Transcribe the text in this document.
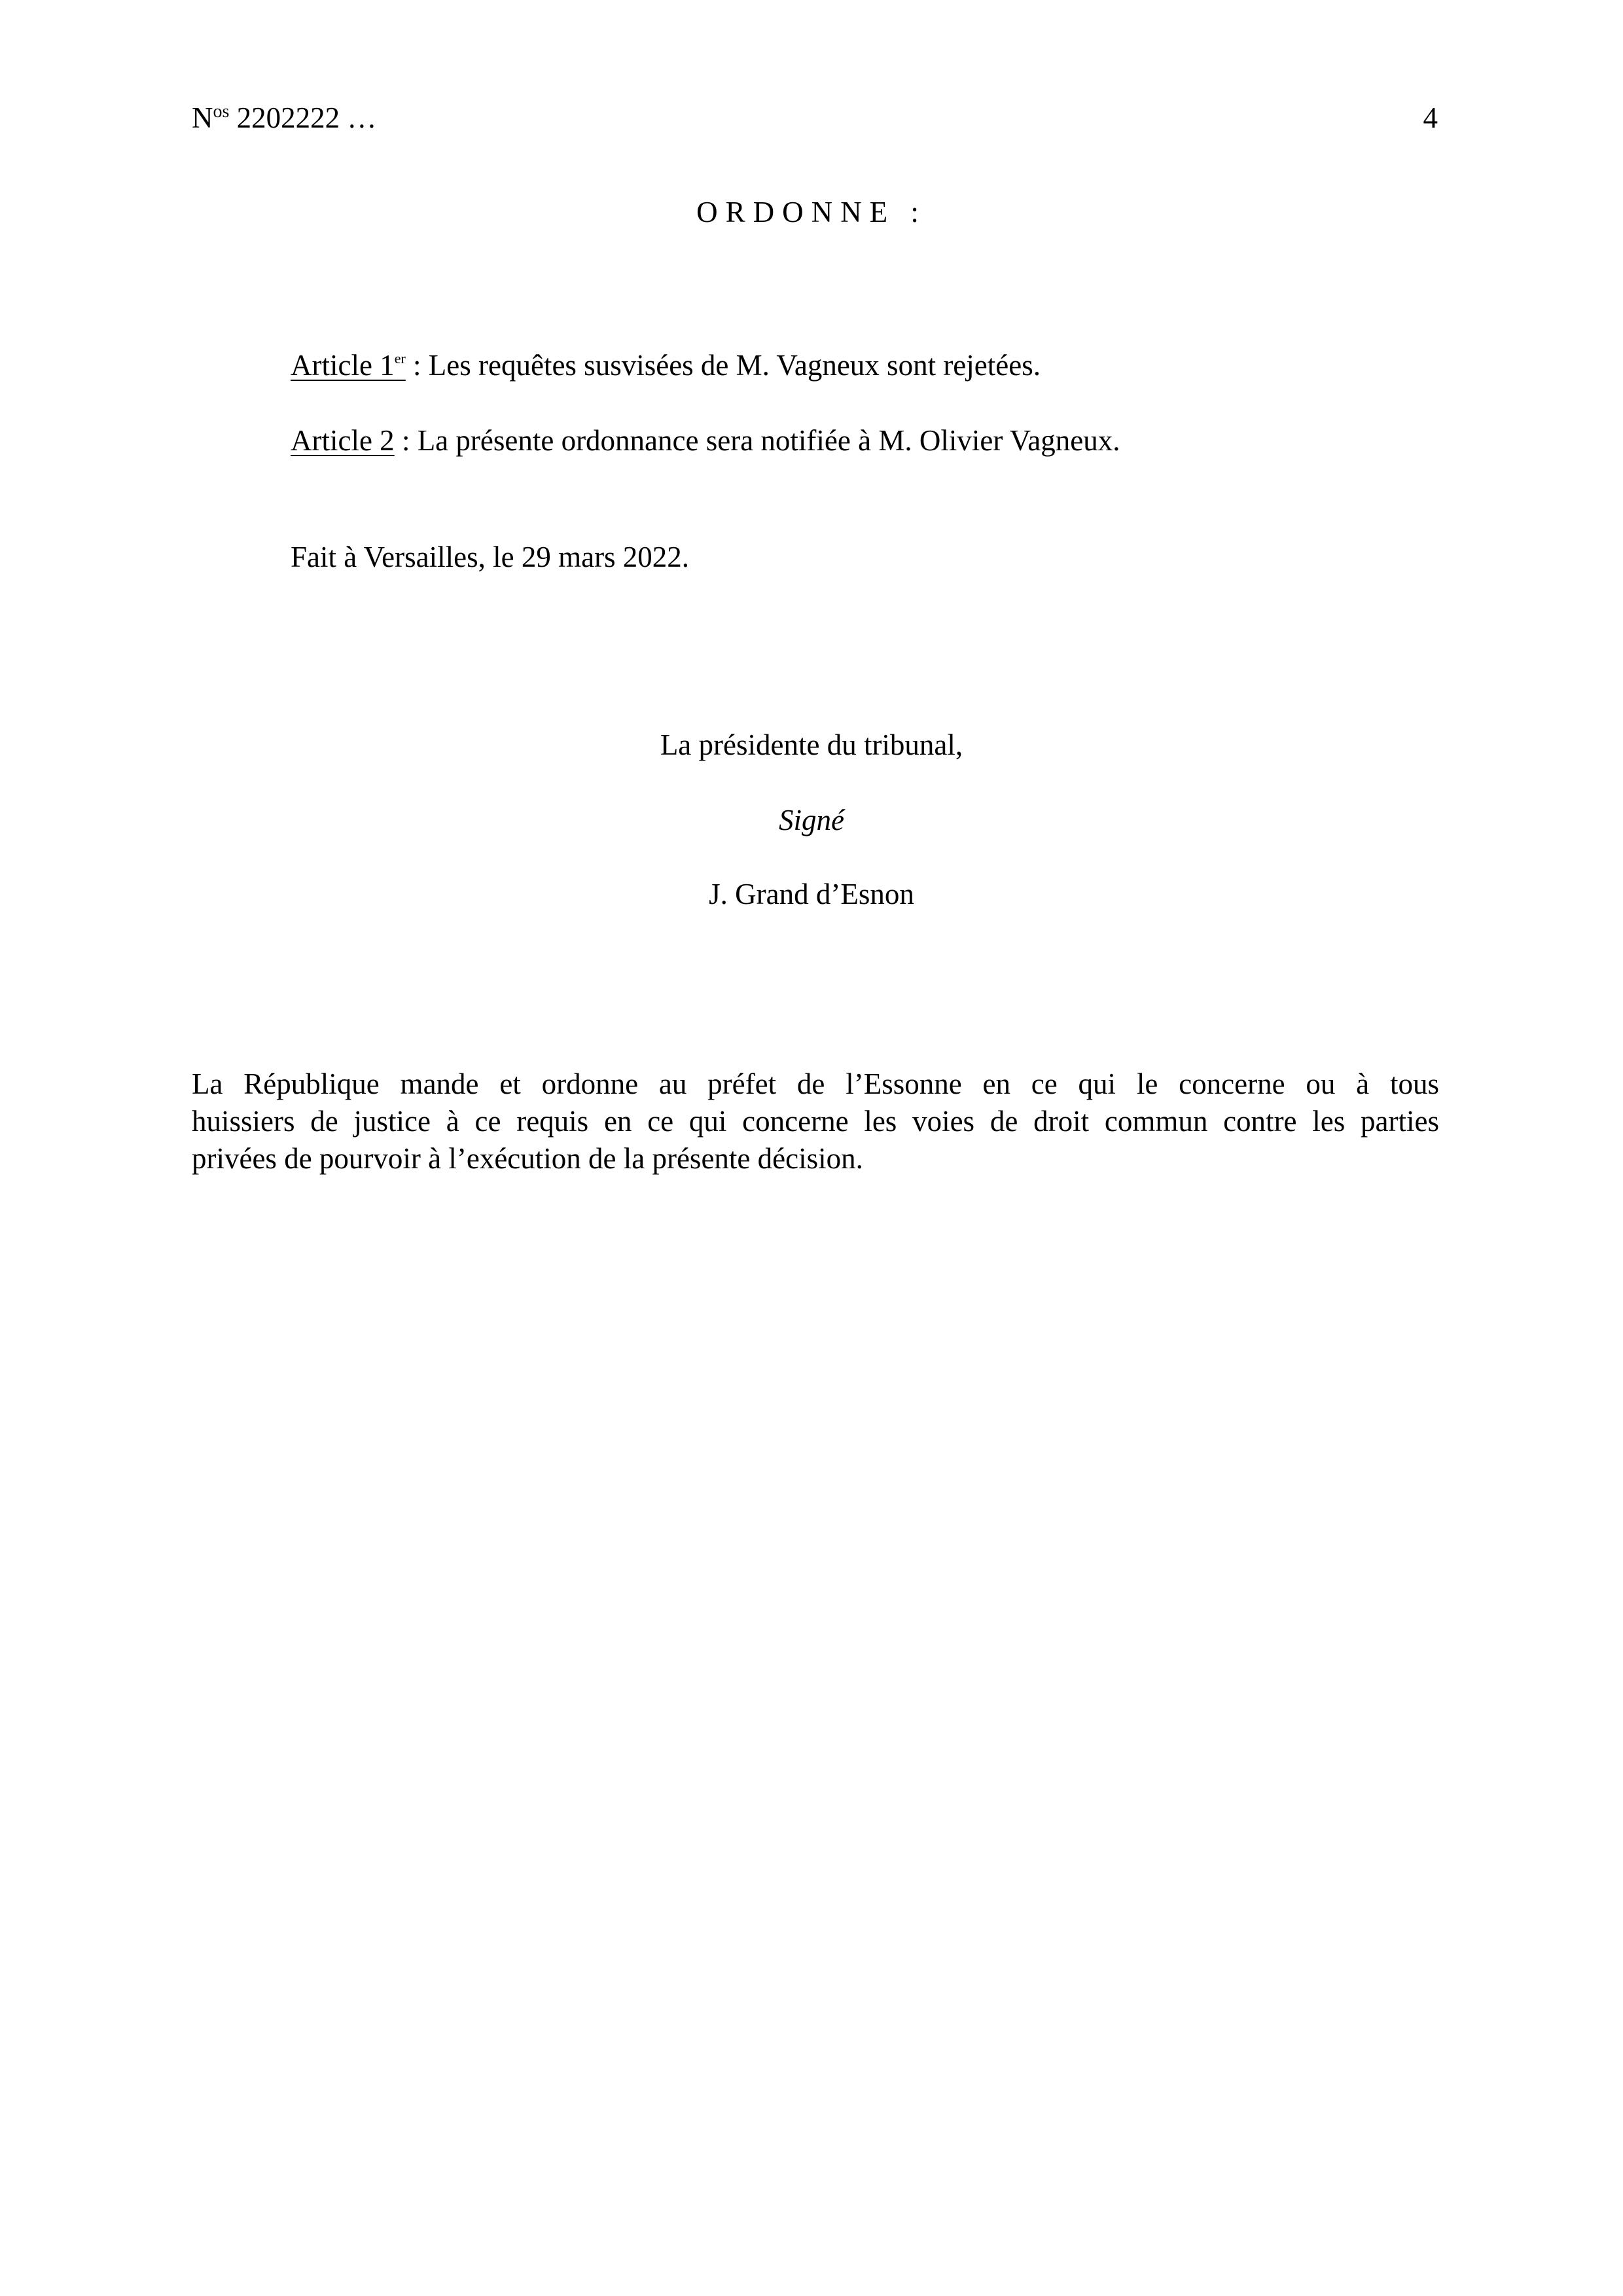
$N^{os}$ 2202222 …	4
ORDONNE :
Article 1er : Les requêtes susvisées de M. Vagneux sont rejetées.
Article 2 : La présente ordonnance sera notifiée à M. Olivier Vagneux.
Fait à Versailles, le 29 mars 2022.
La présidente du tribunal,
Signé
J. Grand d’Esnon

La République mande et ordonne au préfet de l’Essonne en ce qui le concerne ou à tous

huissiers de justice à ce requis en ce qui concerne les voies de droit commun contre les parties

privées de pourvoir à l’exécution de la présente décision.
